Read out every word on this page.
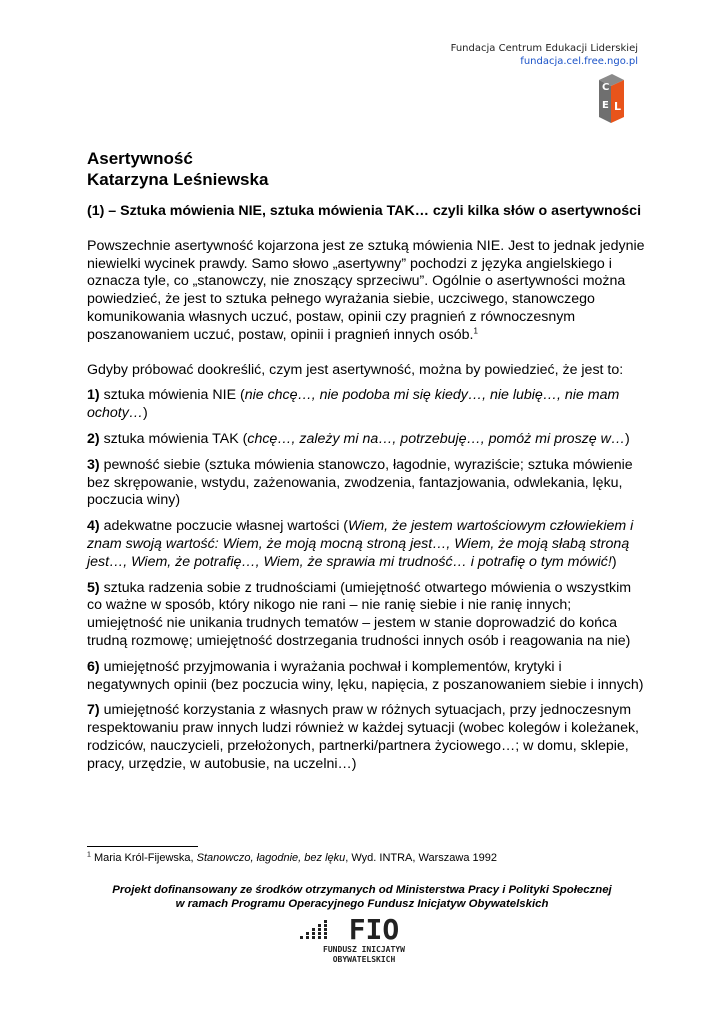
Fundacja Centrum Edukacji Liderskiej
fundacja.cel.free.ngo.pl
C
E L
Asertywność
Katarzyna Leśniewska

(1) – Sztuka mówienia NIE, sztuka mówienia TAK… czyli kilka słów o asertywności

Powszechnie asertywność kojarzona jest ze sztuką mówienia NIE. Jest to jednak jedynie niewielki wycinek prawdy. Samo słowo „asertywny” pochodzi z języka angielskiego i oznacza tyle, co „stanowczy, nie znoszący sprzeciwu”. Ogólnie o asertywności można powiedzieć, że jest to sztuka pełnego wyrażania siebie, uczciwego, stanowczego komunikowania własnych uczuć, postaw, opinii czy pragnień z równoczesnym poszanowaniem uczuć, postaw, opinii i pragnień innych osób.$^1$

Gdyby próbować dookreślić, czym jest asertywność, można by powiedzieć, że jest to:

1) sztuka mówienia NIE (nie chcę…, nie podoba mi się kiedy…, nie lubię…, nie mam ochoty…)

2) sztuka mówienia TAK (chcę…, zależy mi na…, potrzebuję…, pomóż mi proszę w…)

3) pewność siebie (sztuka mówienia stanowczo, łagodnie, wyraziście; sztuka mówienie bez skrępowanie, wstydu, zażenowania, zwodzenia, fantazjowania, odwlekania, lęku, poczucia winy)

4) adekwatne poczucie własnej wartości (Wiem, że jestem wartościowym człowiekiem i znam swoją wartość: Wiem, że moją mocną stroną jest…, Wiem, że moją słabą stroną jest…, Wiem, że potrafię…, Wiem, że sprawia mi trudność… i potrafię o tym mówić!)

5) sztuka radzenia sobie z trudnościami (umiejętność otwartego mówienia o wszystkim co ważne w sposób, który nikogo nie rani – nie ranię siebie i nie ranię innych; umiejętność nie unikania trudnych tematów – jestem w stanie doprowadzić do końca trudną rozmowę; umiejętność dostrzegania trudności innych osób i reagowania na nie)

6) umiejętność przyjmowania i wyrażania pochwał i komplementów, krytyki i negatywnych opinii (bez poczucia winy, lęku, napięcia, z poszanowaniem siebie i innych)

7) umiejętność korzystania z własnych praw w różnych sytuacjach, przy jednoczesnym respektowaniu praw innych ludzi również w każdej sytuacji (wobec kolegów i koleżanek, rodziców, nauczycieli, przełożonych, partnerki/partnera życiowego…; w domu, sklepie, pracy, urzędzie, w autobusie, na uczelni…)

$^1$ Maria Król-Fijewska, Stanowczo, łagodnie, bez lęku, Wyd. INTRA, Warszawa 1992
Projekt dofinansowany ze środków otrzymanych od Ministerstwa Pracy i Polityki Społecznej
w ramach Programu Operacyjnego Fundusz Inicjatyw Obywatelskich
FIO
FUNDUSZ INICJATYW
OBYWATELSKICH
